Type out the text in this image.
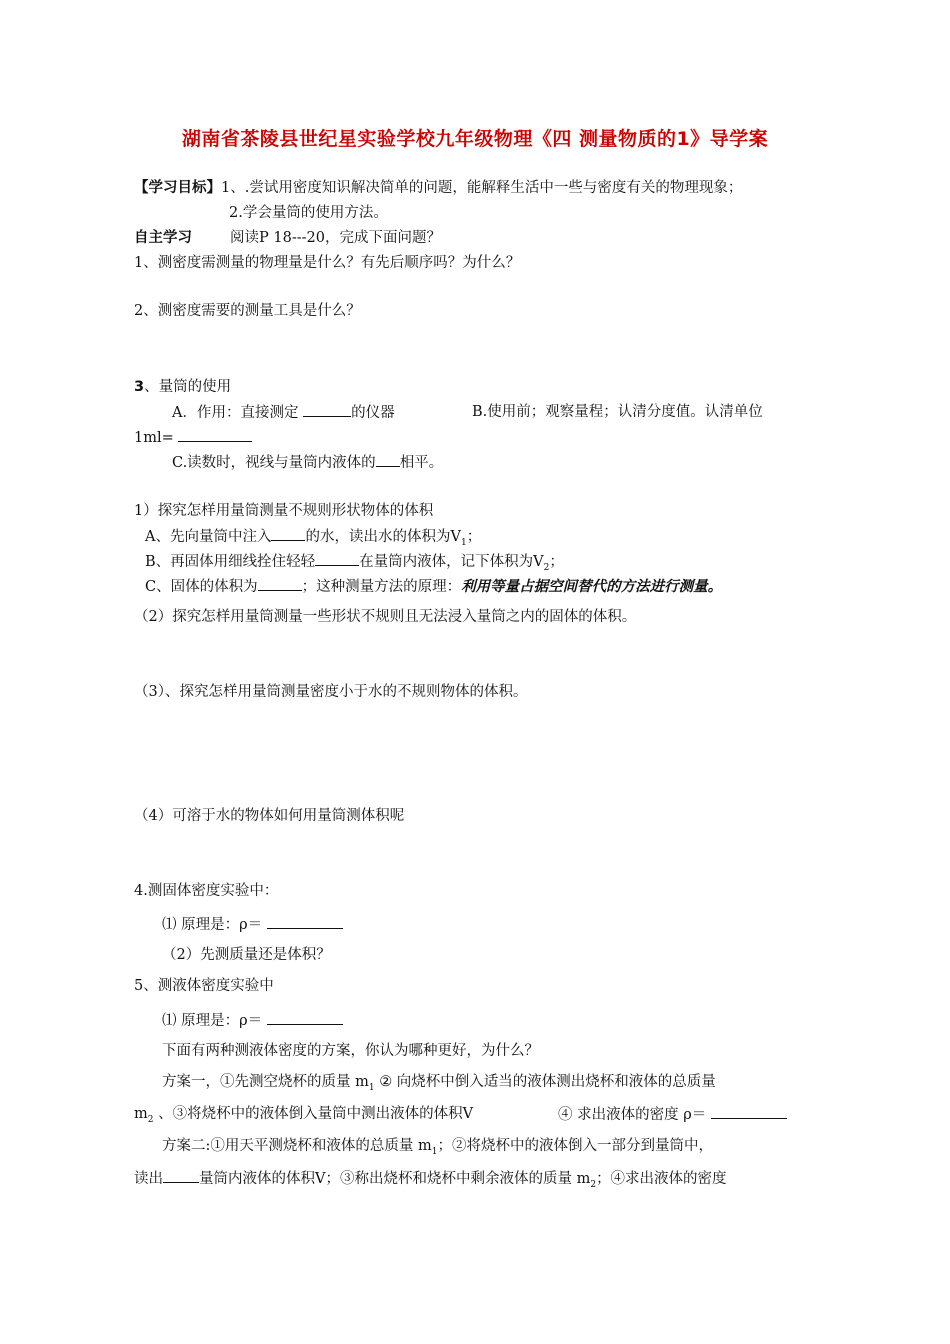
湖南省茶陵县世纪星实验学校九年级物理《四 测量物质的1》导学案
【学习目标】1、.尝试用密度知识解决简单的问题，能解释生活中一些与密度有关的物理现象；
2.学会量筒的使用方法。
自主学习	阅读P 18---20，完成下面问题？
1、测密度需测量的物理量是什么？有先后顺序吗？为什么？
2、测密度需要的测量工具是什么？
3、量筒的使用
A．作用：直接测定	的仪器	B.使用前；观察量程；认清分度值。认清单位
1ml=
C.读数时，视线与量筒内液体的 相平。
1）探究怎样用量筒测量不规则形状物体的体积
A、先向量筒中注入 的水，读出水的体积为$V_1$；
B、再固体用细线拴住轻轻	在量筒内液体，记下体积为$V_2$；
C、固体的体积为	；这种测量方法的原理：利用等量占据空间替代的方法进行测量。
（2）探究怎样用量筒测量一些形状不规则且无法浸入量筒之内的固体的体积。
（3）、探究怎样用量筒测量密度小于水的不规则物体的体积。
（4）可溶于水的物体如何用量筒测体积呢
4.测固体密度实验中：
⑴ 原理是：ρ＝
（2）先测质量还是体积？
5、测液体密度实验中
⑴ 原理是：ρ＝
下面有两种测液体密度的方案，你认为哪种更好，为什么？
方案一，①先测空烧杯的质量 $m_1$ ② 向烧杯中倒入适当的液体测出烧杯和液体的总质量
$m_2$ 、③将烧杯中的液体倒入量筒中测出液体的体积V	④ 求出液体的密度 ρ＝
方案二:①用天平测烧杯和液体的总质量 $m_1$；②将烧杯中的液体倒入一部分到量筒中，
读出 量筒内液体的体积V；③称出烧杯和烧杯中剩余液体的质量 $m_2$；④求出液体的密度
